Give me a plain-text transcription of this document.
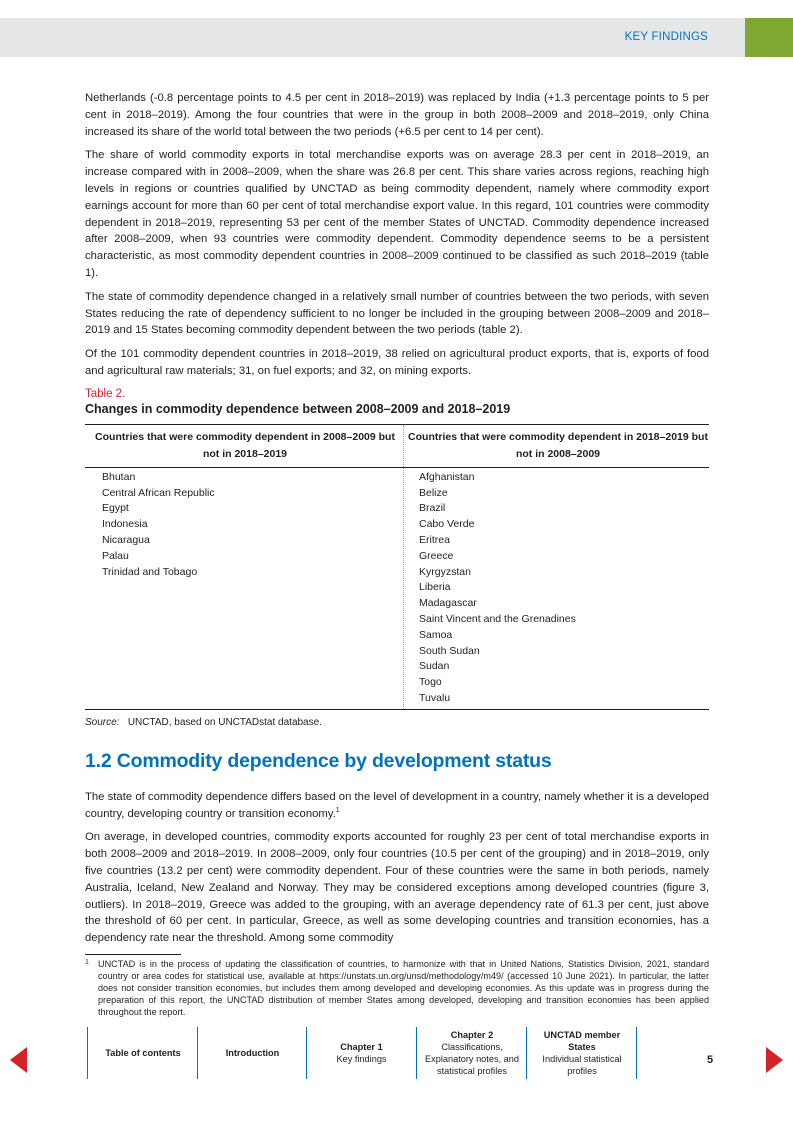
KEY FINDINGS

Netherlands (-0.8 percentage points to 4.5 per cent in 2018–2019) was replaced by India (+1.3 percentage points to 5 per cent in 2018–2019). Among the four countries that were in the group in both 2008–2009 and 2018–2019, only China increased its share of the world total between the two periods (+6.5 per cent to 14 per cent).

The share of world commodity exports in total merchandise exports was on average 28.3 per cent in 2018–2019, an increase compared with in 2008–2009, when the share was 26.8 per cent. This share varies across regions, reaching high levels in regions or countries qualified by UNCTAD as being commodity dependent, namely where commodity export earnings account for more than 60 per cent of total merchandise export value. In this regard, 101 countries were commodity dependent in 2018–2019, representing 53 per cent of the member States of UNCTAD. Commodity dependence increased after 2008–2009, when 93 countries were commodity dependent. Commodity dependence seems to be a persistent characteristic, as most commodity dependent countries in 2008–2009 continued to be classified as such 2018–2019 (table 1).

The state of commodity dependence changed in a relatively small number of countries between the two periods, with seven States reducing the rate of dependency sufficient to no longer be included in the grouping between 2008–2009 and 2018–2019 and 15 States becoming commodity dependent between the two periods (table 2).

Of the 101 commodity dependent countries in 2018–2019, 38 relied on agricultural product exports, that is, exports of food and agricultural raw materials; 31, on fuel exports; and 32, on mining exports.

Table 2.
Changes in commodity dependence between 2008–2009 and 2018–2019
Countries that were commodity dependent in 2008–2009 but not in 2018–2019
Countries that were commodity dependent in 2018–2019 but not in 2008–2009
Bhutan
Central African Republic
Egypt
Indonesia
Nicaragua
Palau
Trinidad and Tobago
Afghanistan
Belize
Brazil
Cabo Verde
Eritrea
Greece
Kyrgyzstan
Liberia
Madagascar
Saint Vincent and the Grenadines
Samoa
South Sudan
Sudan
Togo
Tuvalu
Source: UNCTAD, based on UNCTADstat database.
1.2 Commodity dependence by development status

The state of commodity dependence differs based on the level of development in a country, namely whether it is a developed country, developing country or transition economy.$^1$

On average, in developed countries, commodity exports accounted for roughly 23 per cent of total merchandise exports in both 2008–2009 and 2018–2019. In 2008–2009, only four countries (10.5 per cent of the grouping) and in 2018–2019, only five countries (13.2 per cent) were commodity dependent. Four of these countries were the same in both periods, namely Australia, Iceland, New Zealand and Norway. They may be considered exceptions among developed countries (figure 3, outliers). In 2018–2019, Greece was added to the grouping, with an average dependency rate of 61.3 per cent, just above the threshold of 60 per cent. In particular, Greece, as well as some developing countries and transition economies, has a dependency rate near the threshold. Among some commodity

1 UNCTAD is in the process of updating the classification of countries, to harmonize with that in United Nations, Statistics Division, 2021, standard country or area codes for statistical use, available at https://unstats.un.org/unsd/methodology/m49/ (accessed 10 June 2021). In particular, the latter does not consider transition economies, but includes them among developed and developing economies. As this update was in progress during the preparation of this report, the UNCTAD distribution of member States among developed, developing and transition economies has been applied throughout the report.
Table of contents	Introduction
Chapter 1
Key findings
Chapter 2
Classifications, Explanatory notes, and statistical profiles
UNCTAD member States
Individual statistical profiles
5
